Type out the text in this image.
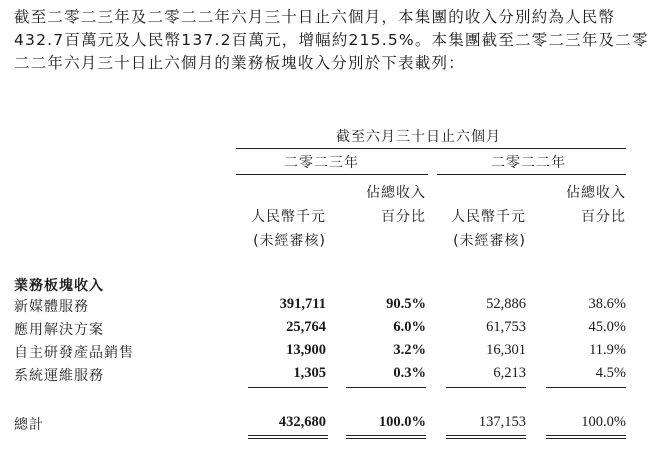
截至二零二三年及二零二二年六月三十日止六個月，本集團的收入分別約為人民幣432.7百萬元及人民幣137.2百萬元，增幅約215.5%。本集團截至二零二三年及二零二二年六月三十日止六個月的業務板塊收入分別於下表載列：

截至六月三十日止六個月
二零二三年	二零二二年
佔總收入	佔總收入
人民幣千元	百分比	人民幣千元	百分比
(未經審核)	(未經審核)
業務板塊收入
新媒體服務	391,711	90.5%	52,886	38.6%
應用解決方案	25,764	6.0%	61,753	45.0%
自主研發產品銷售	13,900	3.2%	16,301	11.9%
系統運維服務	1,305	0.3%	6,213	4.5%
總計	432,680	100.0%	137,153	100.0%
